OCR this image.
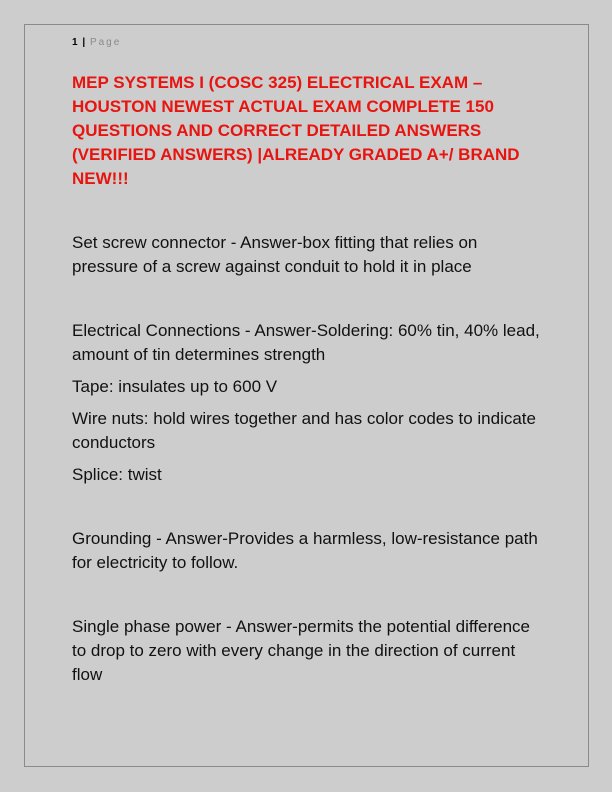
1 | Page

MEP SYSTEMS I (COSC 325) ELECTRICAL EXAM – HOUSTON NEWEST ACTUAL EXAM COMPLETE 150 QUESTIONS AND CORRECT DETAILED ANSWERS (VERIFIED ANSWERS) |ALREADY GRADED A+/ BRAND NEW!!!

Set screw connector - Answer-box fitting that relies on pressure of a screw against conduit to hold it in place

Electrical Connections - Answer-Soldering: 60% tin, 40% lead, amount of tin determines strength

Tape: insulates up to 600 V

Wire nuts: hold wires together and has color codes to indicate conductors

Splice: twist

Grounding - Answer-Provides a harmless, low-resistance path for electricity to follow.

Single phase power - Answer-permits the potential difference to drop to zero with every change in the direction of current flow
